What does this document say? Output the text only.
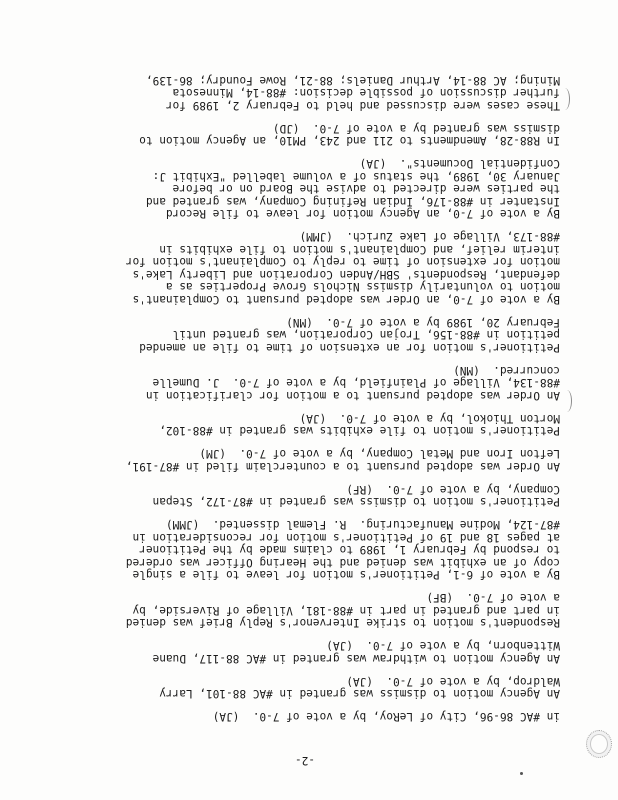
-2-
in #AC 86-96, City of LeRoy, by a vote of 7-0.  (JA)
An Agency motion to dismiss was granted in #AC 88-101, Larry
Waldrop, by a vote of 7-0.  (JA)
An Agency motion to withdraw was granted in #AC 88-117, Duane
Wittenborn, by a vote of 7-0.  (JA)
Respondent's motion to strike Intervenor's Reply Brief was denied
in part and granted in part in #88-181, Village of Riverside, by
a vote of 7-0.  (BF)
By a vote of 6-1, Petitioner's motion for leave to file a single
copy of an exhibit was denied and the Hearing Officer was ordered
to respond by February 1, 1989 to claims made by the Petitioner
at pages 18 and 19 of Petitioner's motion for reconsideration in
#87-124, Modine Manufacturing.  R. Flemal dissented.  (JMM)
Petitioner's motion to dismiss was granted in #87-172, Stepan
Company, by a vote of 7-0.  (RF)
An Order was adopted pursuant to a counterclaim filed in #87-191,
Lefton Iron and Metal Company, by a vote of 7-0.  (JM)
Petitioner's motion to file exhibits was granted in #88-102,
Morton Thiokol, by a vote of 7-0.  (JA)
An Order was adopted pursuant to a motion for clarification in
#88-134, Village of Plainfield, by a vote of 7-0.  J. Dumelle
concurred.  (MN)
Petitioner's motion for an extension of time to file an amended
petition in #88-156, Trojan Corporation, was granted until
February 20, 1989 by a vote of 7-0.  (MN)
By a vote of 7-0, an Order was adopted pursuant to Complainant's
motion to voluntarily dismiss Nichols Grove Properties as a
defendant, Respondents' SBH/Anden Corporation and Liberty Lake's
motion for extension of time to reply to Complainant's motion for
interim relief, and Complainant's motion to file exhibits in
#88-173, Village of Lake Zurich.  (JMM)
By a vote of 7-0, an Agency motion for leave to file Record
Instanter in #88-176, Indian Refining Company, was granted and
the parties were directed to advise the Board on or before
January 30, 1989, the status of a volume labelled "Exhibit J:
Confidential Documents".  (JA)
In R88-28, Amendments to 211 and 243, PM10, an Agency motion to
dismiss was granted by a vote of 7-0.  (JD)
These cases were discussed and held to February 2, 1989 for
further discussion of possible decision: #88-14, Minnesota
Mining; AC 88-14, Arthur Daniels; 88-21, Rowe Foundry; 86-139,
